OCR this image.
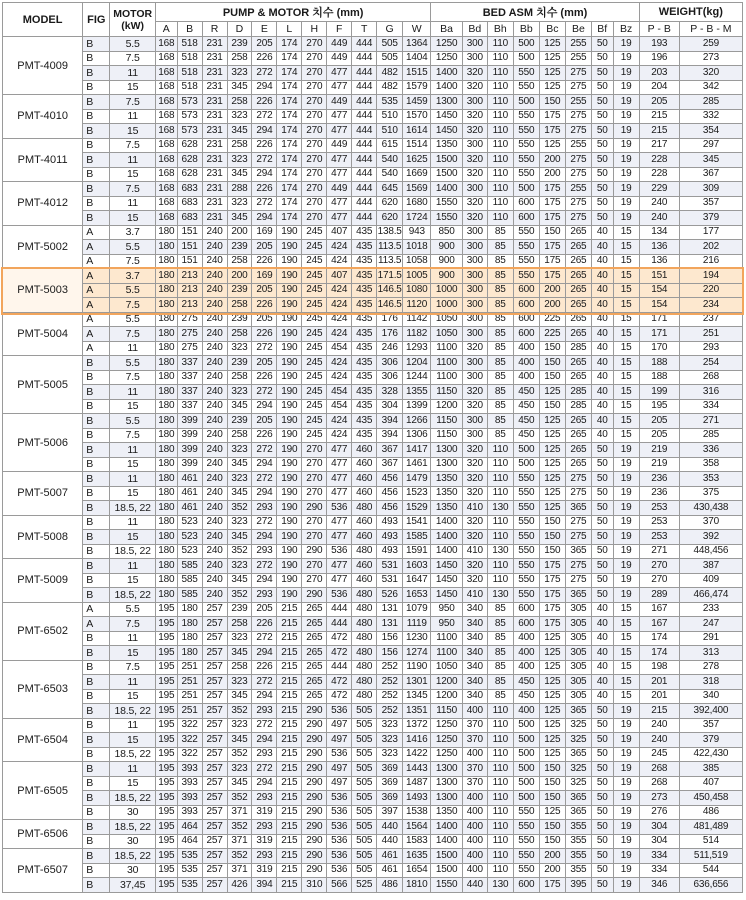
MODEL	FIG	MOTOR
(kW)	PUMP & MOTOR 치수 (mm)											BED ASM 치수 (mm)								WEIGHT(kg)	
			A	B	R	D	E	L	H	F	T	G	W	Ba	Bd	Bh	Bb	Bc	Be	Bf	Bz	P - B	P - B - M
PMT-4009	B	5.5	168	518	231	239	205	174	270	449	444	505	1364	1250	300	110	500	125	255	50	19	193	259
	B	7.5	168	518	231	258	226	174	270	449	444	505	1404	1250	300	110	500	125	255	50	19	196	273
	B	11	168	518	231	323	272	174	270	477	444	482	1515	1400	320	110	550	125	275	50	19	203	320
	B	15	168	518	231	345	294	174	270	477	444	482	1579	1400	320	110	550	125	275	50	19	204	342
PMT-4010	B	7.5	168	573	231	258	226	174	270	449	444	535	1459	1300	300	110	500	150	255	50	19	205	285
	B	11	168	573	231	323	272	174	270	477	444	510	1570	1450	320	110	550	175	275	50	19	215	332
	B	15	168	573	231	345	294	174	270	477	444	510	1614	1450	320	110	550	175	275	50	19	215	354
PMT-4011	B	7.5	168	628	231	258	226	174	270	449	444	615	1514	1350	300	110	550	125	255	50	19	217	297
	B	11	168	628	231	323	272	174	270	477	444	540	1625	1500	320	110	550	200	275	50	19	228	345
	B	15	168	628	231	345	294	174	270	477	444	540	1669	1500	320	110	550	200	275	50	19	228	367
PMT-4012	B	7.5	168	683	231	288	226	174	270	449	444	645	1569	1400	300	110	500	175	255	50	19	229	309
	B	11	168	683	231	323	272	174	270	477	444	620	1680	1550	320	110	600	175	275	50	19	240	357
	B	15	168	683	231	345	294	174	270	477	444	620	1724	1550	320	110	600	175	275	50	19	240	379
PMT-5002	A	3.7	180	151	240	200	169	190	245	407	435	138.5	943	850	300	85	550	150	265	40	15	134	177
	A	5.5	180	151	240	239	205	190	245	424	435	113.5	1018	900	300	85	550	175	265	40	15	136	202
	A	7.5	180	151	240	258	226	190	245	424	435	113.5	1058	900	300	85	550	175	265	40	15	136	216
PMT-5003	A	3.7	180	213	240	200	169	190	245	407	435	171.5	1005	900	300	85	550	175	265	40	15	151	194
	A	5.5	180	213	240	239	205	190	245	424	435	146.5	1080	1000	300	85	600	200	265	40	15	154	220
	A	7.5	180	213	240	258	226	190	245	424	435	146.5	1120	1000	300	85	600	200	265	40	15	154	234
PMT-5004	A	5.5	180	275	240	239	205	190	245	424	435	176	1142	1050	300	85	600	225	265	40	15	171	237
	A	7.5	180	275	240	258	226	190	245	424	435	176	1182	1050	300	85	600	225	265	40	15	171	251
	A	11	180	275	240	323	272	190	245	454	435	246	1293	1100	320	85	400	150	285	40	15	170	293
PMT-5005	B	5.5	180	337	240	239	205	190	245	424	435	306	1204	1100	300	85	400	150	265	40	15	188	254
	B	7.5	180	337	240	258	226	190	245	424	435	306	1244	1100	300	85	400	150	265	40	15	188	268
	B	11	180	337	240	323	272	190	245	454	435	328	1355	1150	320	85	450	125	285	40	15	199	316
	B	15	180	337	240	345	294	190	245	454	435	304	1399	1200	320	85	450	150	285	40	15	195	334
PMT-5006	B	5.5	180	399	240	239	205	190	245	424	435	394	1266	1150	300	85	450	125	265	40	15	205	271
	B	7.5	180	399	240	258	226	190	245	424	435	394	1306	1150	300	85	450	125	265	40	15	205	285
	B	11	180	399	240	323	272	190	270	477	460	367	1417	1300	320	110	500	125	265	50	19	219	336
	B	15	180	399	240	345	294	190	270	477	460	367	1461	1300	320	110	500	125	265	50	19	219	358
PMT-5007	B	11	180	461	240	323	272	190	270	477	460	456	1479	1350	320	110	550	125	275	50	19	236	353
	B	15	180	461	240	345	294	190	270	477	460	456	1523	1350	320	110	550	125	275	50	19	236	375
	B	18.5, 22	180	461	240	352	293	190	290	536	480	456	1529	1350	410	130	550	125	365	50	19	253	430,438
PMT-5008	B	11	180	523	240	323	272	190	270	477	460	493	1541	1400	320	110	550	150	275	50	19	253	370
	B	15	180	523	240	345	294	190	270	477	460	493	1585	1400	320	110	550	150	275	50	19	253	392
	B	18.5, 22	180	523	240	352	293	190	290	536	480	493	1591	1400	410	130	550	150	365	50	19	271	448,456
PMT-5009	B	11	180	585	240	323	272	190	270	477	460	531	1603	1450	320	110	550	175	275	50	19	270	387
	B	15	180	585	240	345	294	190	270	477	460	531	1647	1450	320	110	550	175	275	50	19	270	409
	B	18.5, 22	180	585	240	352	293	190	290	536	480	526	1653	1450	410	130	550	175	365	50	19	289	466,474
PMT-6502	A	5.5	195	180	257	239	205	215	265	444	480	131	1079	950	340	85	600	175	305	40	15	167	233
	A	7.5	195	180	257	258	226	215	265	444	480	131	1119	950	340	85	600	175	305	40	15	167	247
	B	11	195	180	257	323	272	215	265	472	480	156	1230	1100	340	85	400	125	305	40	15	174	291
	B	15	195	180	257	345	294	215	265	472	480	156	1274	1100	340	85	400	125	305	40	15	174	313
PMT-6503	B	7.5	195	251	257	258	226	215	265	444	480	252	1190	1050	340	85	400	125	305	40	15	198	278
	B	11	195	251	257	323	272	215	265	472	480	252	1301	1200	340	85	450	125	305	40	15	201	318
	B	15	195	251	257	345	294	215	265	472	480	252	1345	1200	340	85	450	125	305	40	15	201	340
	B	18.5, 22	195	251	257	352	293	215	290	536	505	252	1351	1150	400	110	400	125	365	50	19	215	392,400
PMT-6504	B	11	195	322	257	323	272	215	290	497	505	323	1372	1250	370	110	500	125	325	50	19	240	357
	B	15	195	322	257	345	294	215	290	497	505	323	1416	1250	370	110	500	125	325	50	19	240	379
	B	18.5, 22	195	322	257	352	293	215	290	536	505	323	1422	1250	400	110	500	125	365	50	19	245	422,430
PMT-6505	B	11	195	393	257	323	272	215	290	497	505	369	1443	1300	370	110	500	150	325	50	19	268	385
	B	15	195	393	257	345	294	215	290	497	505	369	1487	1300	370	110	500	150	325	50	19	268	407
	B	18.5, 22	195	393	257	352	293	215	290	536	505	369	1493	1300	400	110	500	150	365	50	19	273	450,458
	B	30	195	393	257	371	319	215	290	536	505	397	1538	1350	400	110	550	125	365	50	19	276	486
PMT-6506	B	18.5, 22	195	464	257	352	293	215	290	536	505	440	1564	1400	400	110	550	150	355	50	19	304	481,489
	B	30	195	464	257	371	319	215	290	536	505	440	1583	1400	400	110	550	150	355	50	19	304	514
PMT-6507	B	18.5, 22	195	535	257	352	293	215	290	536	505	461	1635	1500	400	110	550	200	355	50	19	334	511,519
	B	30	195	535	257	371	319	215	290	536	505	461	1654	1500	400	110	550	200	355	50	19	334	544
	B	37,45	195	535	257	426	394	215	310	566	525	486	1810	1550	440	130	600	175	395	50	19	346	636,656
